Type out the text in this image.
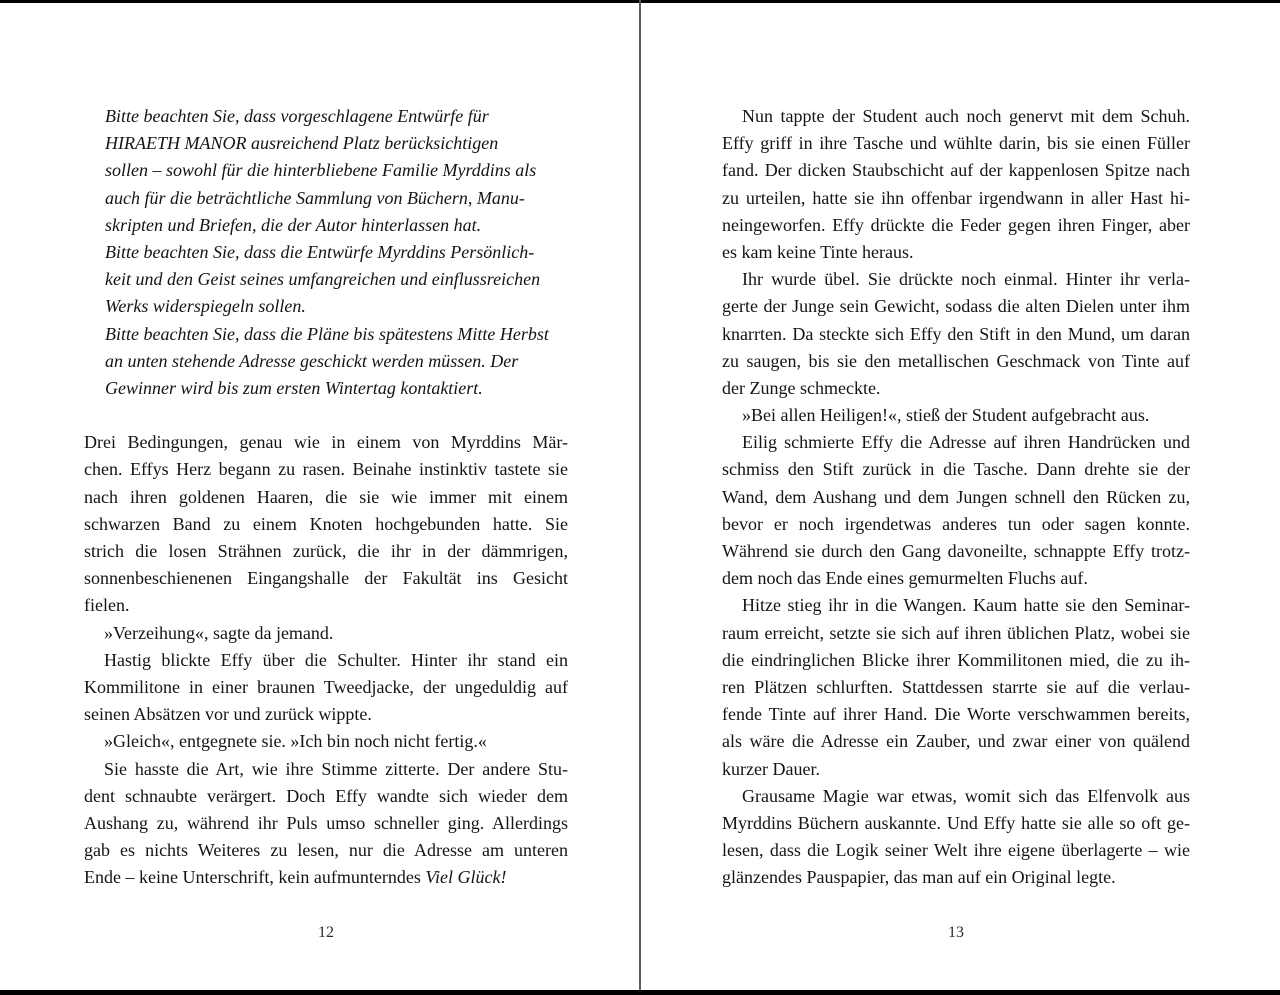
Bitte beachten Sie, dass vorgeschlagene Entwürfe für
HIRAETH MANOR ausreichend Platz berücksichtigen
sollen – sowohl für die hinterbliebene Familie Myrddins als
auch für die beträchtliche Sammlung von Büchern, Manu-
skripten und Briefen, die der Autor hinterlassen hat.
Bitte beachten Sie, dass die Entwürfe Myrddins Persönlich-
keit und den Geist seines umfangreichen und einflussreichen
Werks widerspiegeln sollen.
Bitte beachten Sie, dass die Pläne bis spätestens Mitte Herbst
an unten stehende Adresse geschickt werden müssen. Der
Gewinner wird bis zum ersten Wintertag kontaktiert.

Drei Bedingungen, genau wie in einem von Myrddins Mär-
chen. Effys Herz begann zu rasen. Beinahe instinktiv tastete sie
nach ihren goldenen Haaren, die sie wie immer mit einem
schwarzen Band zu einem Knoten hochgebunden hatte. Sie
strich die losen Strähnen zurück, die ihr in der dämmrigen,
sonnenbeschienenen Eingangshalle der Fakultät ins Gesicht
fielen.
»Verzeihung«, sagte da jemand.
Hastig blickte Effy über die Schulter. Hinter ihr stand ein
Kommilitone in einer braunen Tweedjacke, der ungeduldig auf
seinen Absätzen vor und zurück wippte.
»Gleich«, entgegnete sie. »Ich bin noch nicht fertig.«
Sie hasste die Art, wie ihre Stimme zitterte. Der andere Stu-
dent schnaubte verärgert. Doch Effy wandte sich wieder dem
Aushang zu, während ihr Puls umso schneller ging. Allerdings
gab es nichts Weiteres zu lesen, nur die Adresse am unteren
Ende – keine Unterschrift, kein aufmunterndes Viel Glück!
Nun tappte der Student auch noch genervt mit dem Schuh.
Effy griff in ihre Tasche und wühlte darin, bis sie einen Füller
fand. Der dicken Staubschicht auf der kappenlosen Spitze nach
zu urteilen, hatte sie ihn offenbar irgendwann in aller Hast hi-
neingeworfen. Effy drückte die Feder gegen ihren Finger, aber
es kam keine Tinte heraus.
Ihr wurde übel. Sie drückte noch einmal. Hinter ihr verla-
gerte der Junge sein Gewicht, sodass die alten Dielen unter ihm
knarrten. Da steckte sich Effy den Stift in den Mund, um daran
zu saugen, bis sie den metallischen Geschmack von Tinte auf
der Zunge schmeckte.
»Bei allen Heiligen!«, stieß der Student aufgebracht aus.
Eilig schmierte Effy die Adresse auf ihren Handrücken und
schmiss den Stift zurück in die Tasche. Dann drehte sie der
Wand, dem Aushang und dem Jungen schnell den Rücken zu,
bevor er noch irgendetwas anderes tun oder sagen konnte.
Während sie durch den Gang davoneilte, schnappte Effy trotz-
dem noch das Ende eines gemurmelten Fluchs auf.
Hitze stieg ihr in die Wangen. Kaum hatte sie den Seminar-
raum erreicht, setzte sie sich auf ihren üblichen Platz, wobei sie
die eindringlichen Blicke ihrer Kommilitonen mied, die zu ih-
ren Plätzen schlurften. Stattdessen starrte sie auf die verlau-
fende Tinte auf ihrer Hand. Die Worte verschwammen bereits,
als wäre die Adresse ein Zauber, und zwar einer von quälend
kurzer Dauer.
Grausame Magie war etwas, womit sich das Elfenvolk aus
Myrddins Büchern auskannte. Und Effy hatte sie alle so oft ge-
lesen, dass die Logik seiner Welt ihre eigene überlagerte – wie
glänzendes Pauspapier, das man auf ein Original legte.
12	13
